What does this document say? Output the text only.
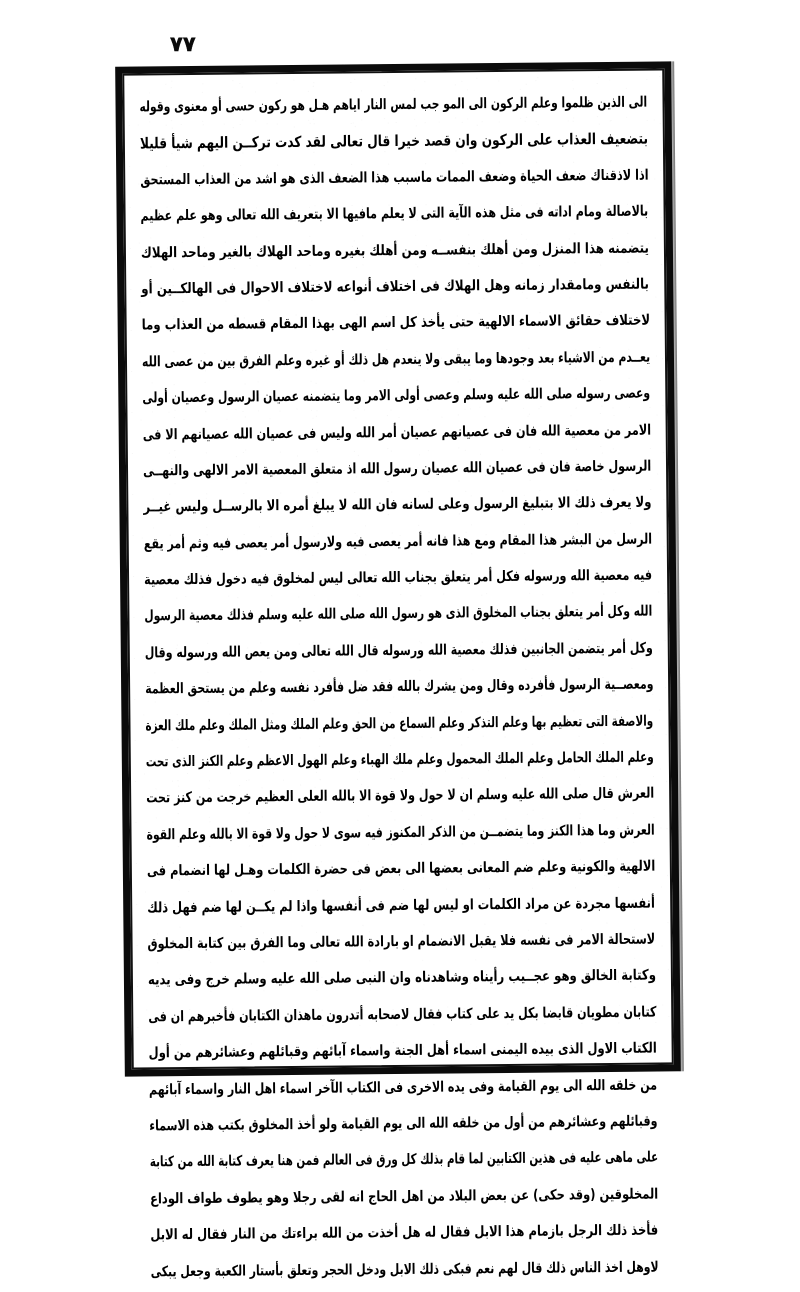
٧٧
الى الذين ظلموا وعلم الركون الى المو جب لمس النار اياهم هـل هو ركون حسى أو معنوى وقوله
بتضعيف العذاب على الركون وان قصد خيرا قال تعالى لقد كدت تركــن اليهم شيأ قليلا
اذا لاذقناك ضعف الحياة وضعف الممات ماسبب هذا الضعف الذى هو اشد من العذاب المستحق
بالاصالة ومام اداته فى مثل هذه الآية التى لا يعلم مافيها الا بتعريف الله تعالى وهو علم عظيم
يتضمنه هذا المنزل ومن أهلك بنفســه ومن أهلك بغيره وماحد الهلاك بالغير وماحد الهلاك
بالنفس ومامقدار زمانه وهل الهلاك فى اختلاف أنواعه لاختلاف الاحوال فى الهالكــين أو
لاختلاف حقائق الاسماء الالهية حتى يأخذ كل اسم الهى بهذا المقام قسطه من العذاب وما
يعــدم من الاشياء بعد وجودها وما يبقى ولا ينعدم هل ذلك أو غيره وعلم الفرق بين من عصى الله
وعصى رسوله صلى الله عليه وسلم وعصى أولى الامر وما يتضمنه عصيان الرسول وعصيان أولى
الامر من معصية الله فان فى عصيانهم عصيان أمر الله وليس فى عصيان الله عصيانهم الا فى
الرسول خاصة فان فى عصيان الله عصيان رسول الله اذ متعلق المعصية الامر الالهى والنهــى
ولا يعرف ذلك الا بتبليغ الرسول وعلى لسانه فان الله لا يبلغ أمره الا بالرســل وليس غيــر
الرسل من البشر هذا المقام ومع هذا فانه أمر يعصى فيه ولارسول أمر يعصى فيه وثم أمر يقع
فيه معصية الله ورسوله فكل أمر يتعلق بجناب الله تعالى ليس لمخلوق فيه دخول فذلك معصية
الله وكل أمر يتعلق بجناب المخلوق الذى هو رسول الله صلى الله عليه وسلم فذلك معصية الرسول
وكل أمر يتضمن الجانبين فذلك معصية الله ورسوله قال الله تعالى ومن يعص الله ورسوله وقال
ومعصــية الرسول فأفرده وقال ومن يشرك بالله فقد ضل فأفرد نفسه وعلم من يستحق العظمة
والاصفة التى تعظيم بها وعلم التذكر وعلم السماع من الحق وعلم الملك ومثل الملك وعلم ملك العزة
وعلم الملك الحامل وعلم الملك المحمول وعلم ملك الهباء وعلم الهول الاعظم وعلم الكنز الذى تحت
العرش قال صلى الله عليه وسلم ان لا حول ولا قوة الا بالله العلى العظيم خرجت من كنز تحت
العرش وما هذا الكنز وما يتضمــن من الذكر المكنوز فيه سوى لا حول ولا قوة الا بالله وعلم القوة
الالهية والكونية وعلم ضم المعانى بعضها الى بعض فى حضرة الكلمات وهـل لها انضمام فى
أنفسها مجردة عن مراد الكلمات او ليس لها ضم فى أنفسها واذا لم يكــن لها ضم فهل ذلك
لاستحالة الامر فى نفسه فلا يقبل الانضمام او بارادة الله تعالى وما الفرق بين كتابة المخلوق
وكتابة الخالق وهو عجــيب رأيناه وشاهدناه وان النبى صلى الله عليه وسلم خرج وفى يديه
كتابان مطويان قابضا بكل يد على كتاب فقال لاصحابه أتدرون ماهذان الكتابان فأخبرهم ان فى
الكتاب الاول الذى بيده اليمنى اسماء أهل الجنة واسماء آبائهم وقبائلهم وعشائرهم من أول
من خلقه الله الى يوم القيامة وفى يده الاخرى فى الكتاب الآخر اسماء اهل النار واسماء آبائهم
وقبائلهم وعشائرهم من أول من خلقه الله الى يوم القيامة ولو أخذ المخلوق بكتب هذه الاسماء
على ماهى عليه فى هذين الكتابين لما قام بذلك كل ورق فى العالم فمن هنا يعرف كتابة الله من كتابة
المخلوقين (وقد حكى) عن بعض البلاد من اهل الحاج انه لقى رجلا وهو يطوف طواف الوداع
فأخذ ذلك الرجل بازمام هذا الابل فقال له هل أخذت من الله براءتك من النار فقال له الابل
لاوهل اخذ الناس ذلك قال لهم نعم فبكى ذلك الابل ودخل الحجر وتعلق بأستار الكعبة وجعل يبكى
